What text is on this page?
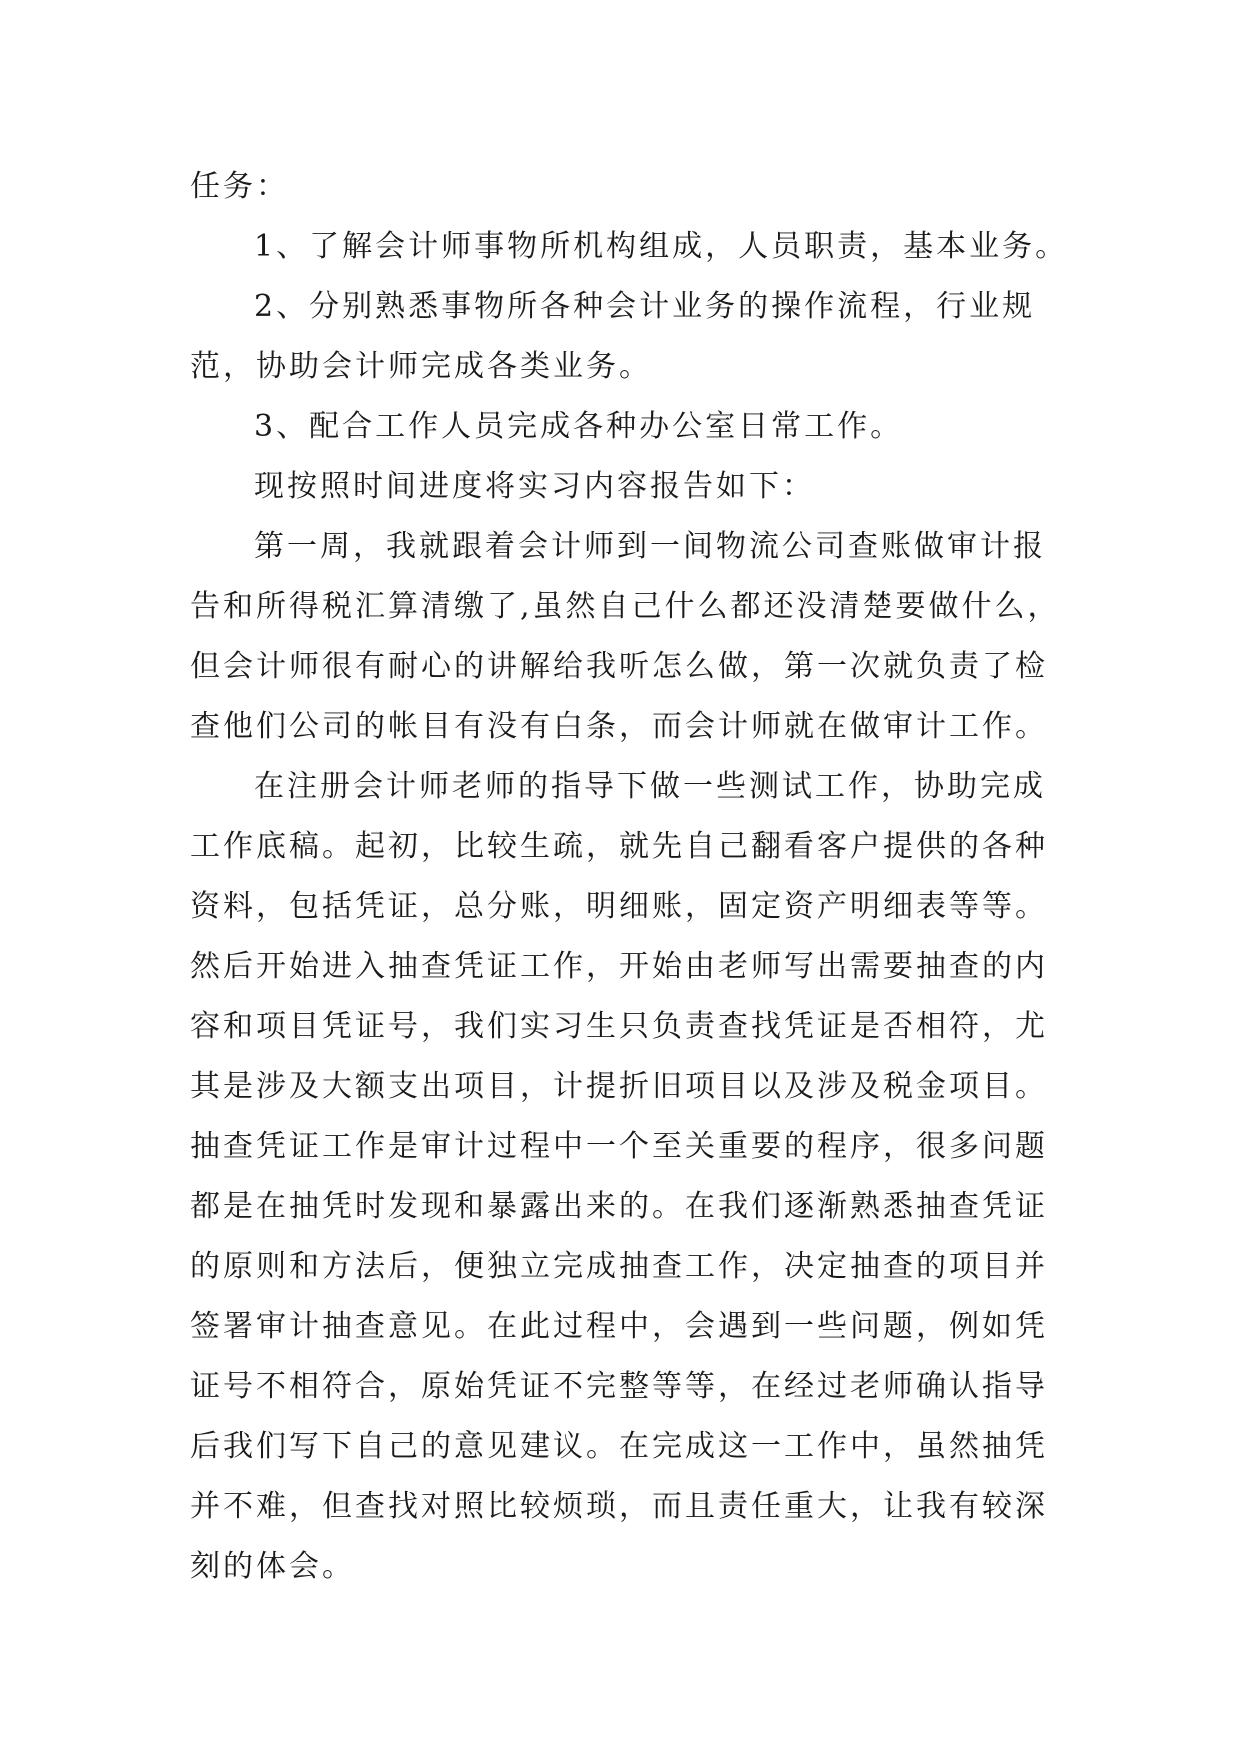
任务：
1、了解会计师事物所机构组成，人员职责，基本业务。
2、分别熟悉事物所各种会计业务的操作流程，行业规
范，协助会计师完成各类业务。
3、配合工作人员完成各种办公室日常工作。
现按照时间进度将实习内容报告如下：
第一周，我就跟着会计师到一间物流公司查账做审计报
告和所得税汇算清缴了,虽然自己什么都还没清楚要做什么，
但会计师很有耐心的讲解给我听怎么做，第一次就负责了检
查他们公司的帐目有没有白条，而会计师就在做审计工作。
在注册会计师老师的指导下做一些测试工作，协助完成
工作底稿。起初，比较生疏，就先自己翻看客户提供的各种
资料，包括凭证，总分账，明细账，固定资产明细表等等。
然后开始进入抽查凭证工作，开始由老师写出需要抽查的内
容和项目凭证号，我们实习生只负责查找凭证是否相符，尤
其是涉及大额支出项目，计提折旧项目以及涉及税金项目。
抽查凭证工作是审计过程中一个至关重要的程序，很多问题
都是在抽凭时发现和暴露出来的。在我们逐渐熟悉抽查凭证
的原则和方法后，便独立完成抽查工作，决定抽查的项目并
签署审计抽查意见。在此过程中，会遇到一些问题，例如凭
证号不相符合，原始凭证不完整等等，在经过老师确认指导
后我们写下自己的意见建议。在完成这一工作中，虽然抽凭
并不难，但查找对照比较烦琐，而且责任重大，让我有较深
刻的体会。
